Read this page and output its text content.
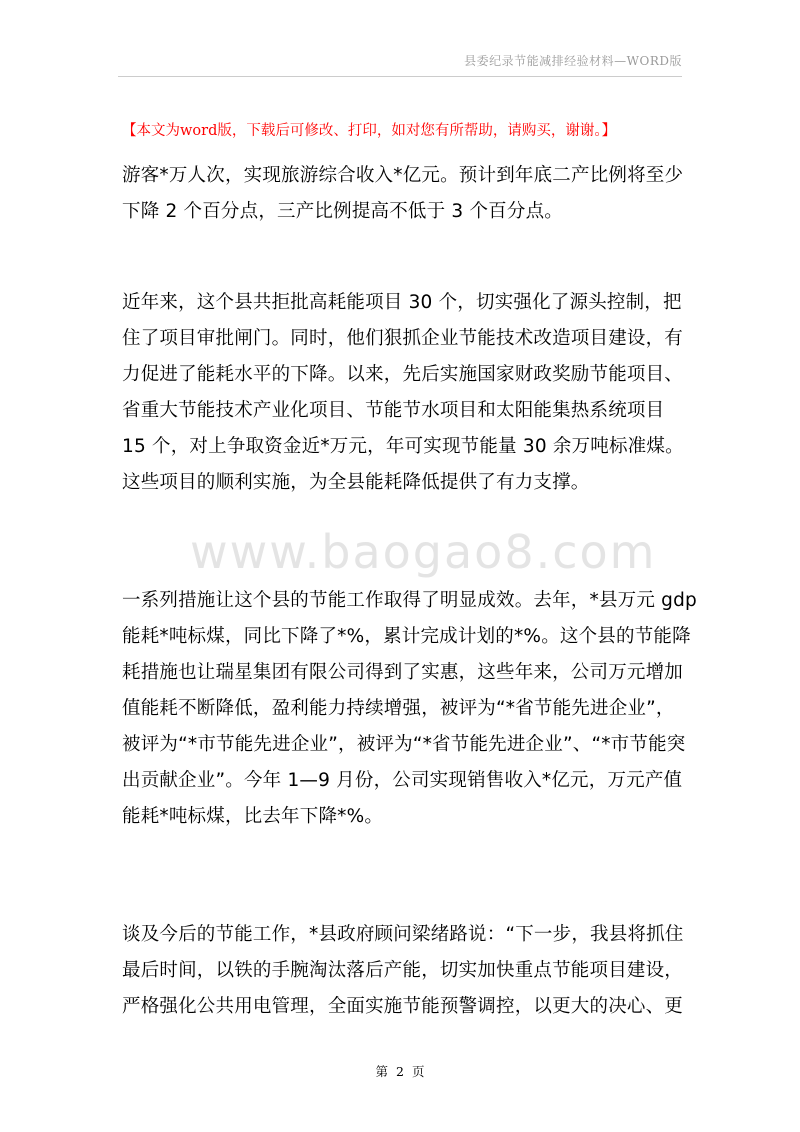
县委纪录节能减排经验材料—WORD版
【本文为word版，下载后可修改、打印，如对您有所帮助，请购买，谢谢。】
www.baogao8.com
游客*万人次，实现旅游综合收入*亿元。预计到年底二产比例将至少
下降 2 个百分点，三产比例提高不低于 3 个百分点。
近年来，这个县共拒批高耗能项目 30 个，切实强化了源头控制，把
住了项目审批闸门。同时，他们狠抓企业节能技术改造项目建设，有
力促进了能耗水平的下降。以来，先后实施国家财政奖励节能项目、
省重大节能技术产业化项目、节能节水项目和太阳能集热系统项目
15 个，对上争取资金近*万元，年可实现节能量 30 余万吨标准煤。
这些项目的顺利实施，为全县能耗降低提供了有力支撑。
一系列措施让这个县的节能工作取得了明显成效。去年，*县万元 gdp
能耗*吨标煤，同比下降了*%，累计完成计划的*%。这个县的节能降
耗措施也让瑞星集团有限公司得到了实惠，这些年来，公司万元增加
值能耗不断降低，盈利能力持续增强，被评为“*省节能先进企业”，
被评为“*市节能先进企业”，被评为“*省节能先进企业”、“*市节能突
出贡献企业”。今年 1—9 月份，公司实现销售收入*亿元，万元产值
能耗*吨标煤，比去年下降*%。
谈及今后的节能工作，*县政府顾问梁绪路说：“下一步，我县将抓住
最后时间，以铁的手腕淘汰落后产能，切实加快重点节能项目建设，
严格强化公共用电管理，全面实施节能预警调控，以更大的决心、更
第 2 页
